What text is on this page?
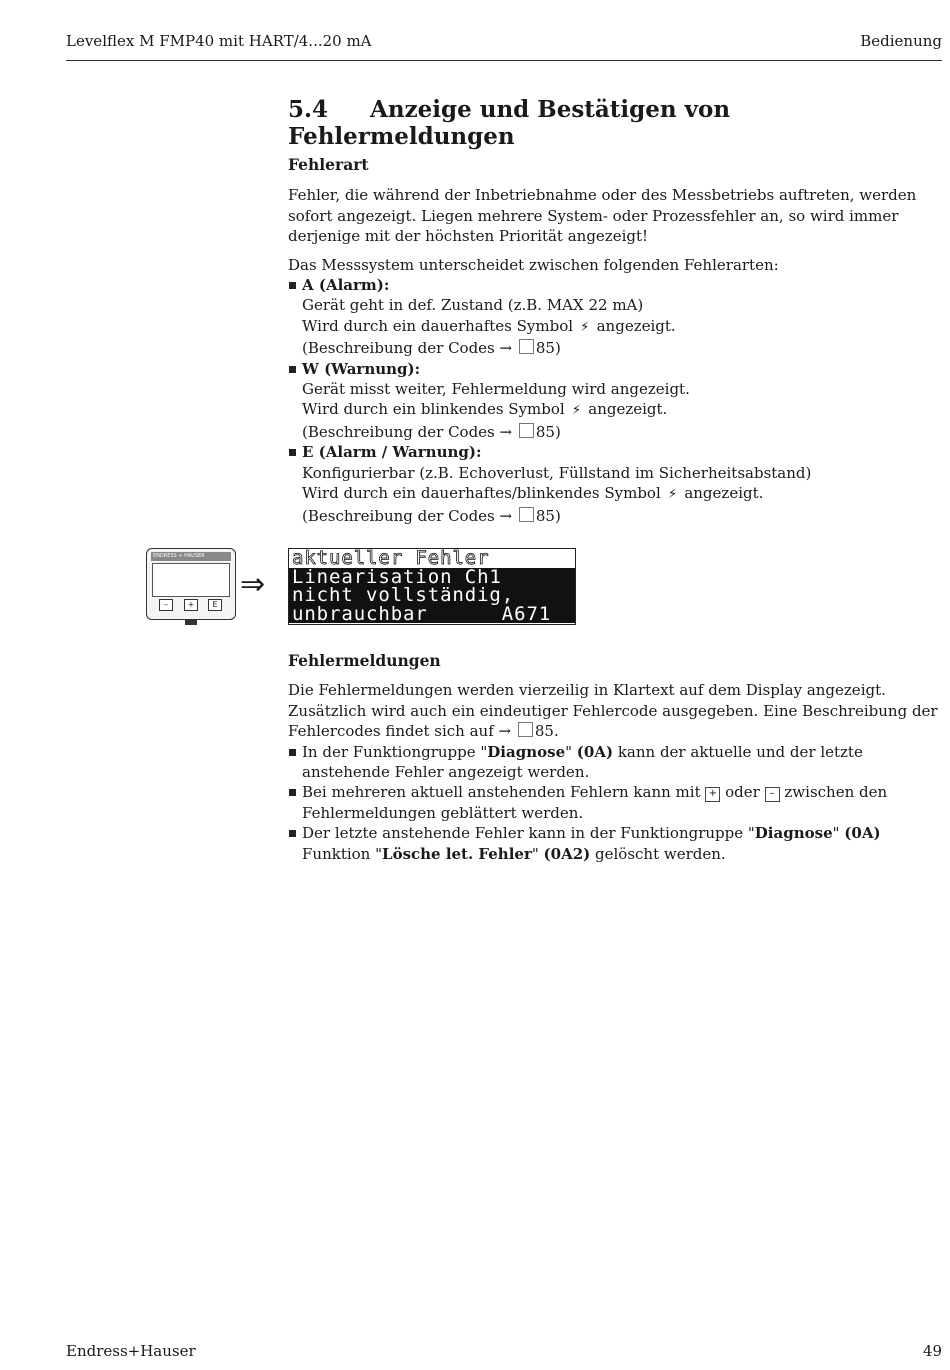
Levelflex M FMP40 mit HART/4...20 mA	Bedienung
5.4 Anzeige und Bestätigen von Fehlermeldungen

Fehlerart

Fehler, die während der Inbetriebnahme oder des Messbetriebs auftreten, werden sofort angezeigt. Liegen mehrere System- oder Prozessfehler an, so wird immer derjenige mit der höchsten Priorität angezeigt!

Das Messsystem unterscheidet zwischen folgenden Fehlerarten:

A (Alarm):

Gerät geht in def. Zustand (z.B. MAX 22 mA)

Wird durch ein dauerhaftes Symbol ⚡ angezeigt.

(Beschreibung der Codes → 85)

W (Warnung):

Gerät misst weiter, Fehlermeldung wird angezeigt.

Wird durch ein blinkendes Symbol ⚡ angezeigt.

(Beschreibung der Codes → 85)

E (Alarm / Warnung):

Konfigurierbar (z.B. Echoverlust, Füllstand im Sicherheitsabstand)

Wird durch ein dauerhaftes/blinkendes Symbol ⚡ angezeigt.

(Beschreibung der Codes → 85)

ENDRESS + HAUSER
–	+	E
⇒
aktueller Fehler
Linearisation Ch1
nicht vollständig,
unbrauchbar	A671

Fehlermeldungen

Die Fehlermeldungen werden vierzeilig in Klartext auf dem Display angezeigt. Zusätzlich wird auch ein eindeutiger Fehlercode ausgegeben. Eine Beschreibung der Fehlercodes findet sich auf → 85.

In der Funktiongruppe "Diagnose" (0A) kann der aktuelle und der letzte anstehende Fehler angezeigt werden.

Bei mehreren aktuell anstehenden Fehlern kann mit + oder – zwischen den Fehlermeldungen geblättert werden.

Der letzte anstehende Fehler kann in der Funktiongruppe "Diagnose" (0A) Funktion "Lösche let. Fehler" (0A2) gelöscht werden.

Endress+Hauser	49
